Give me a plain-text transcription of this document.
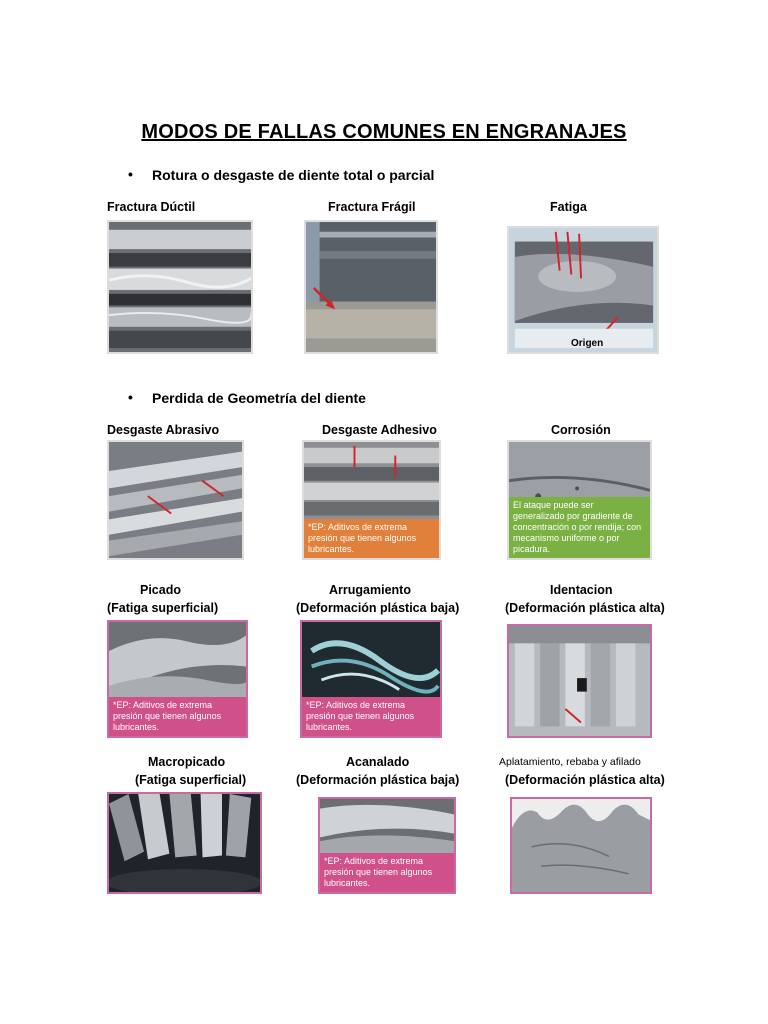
MODOS DE FALLAS COMUNES EN ENGRANAJES
• Rotura o desgaste de diente total o parcial
Fractura Dúctil	Fractura Frágil	Fatiga
Origen
• Perdida de Geometría del diente
Desgaste Abrasivo	Desgaste Adhesivo	Corrosión
*EP: Aditivos de extrema presión que tienen algunos lubricantes.
El ataque puede ser generalizado por gradiente de concentración o por rendija; con mecanismo uniforme o por picadura.
Picado
(Fatiga superficial)
Arrugamiento
(Deformación plástica baja)
Identacion
(Deformación plástica alta)
*EP: Aditivos de extrema presión que tienen algunos lubricantes.
*EP: Aditivos de extrema presión que tienen algunos lubricantes.
Macropicado
(Fatiga superficial)
Acanalado
(Deformación plástica baja)
Aplatamiento, rebaba y afilado
(Deformación plástica alta)
*EP: Aditivos de extrema presión que tienen algunos lubricantes.
